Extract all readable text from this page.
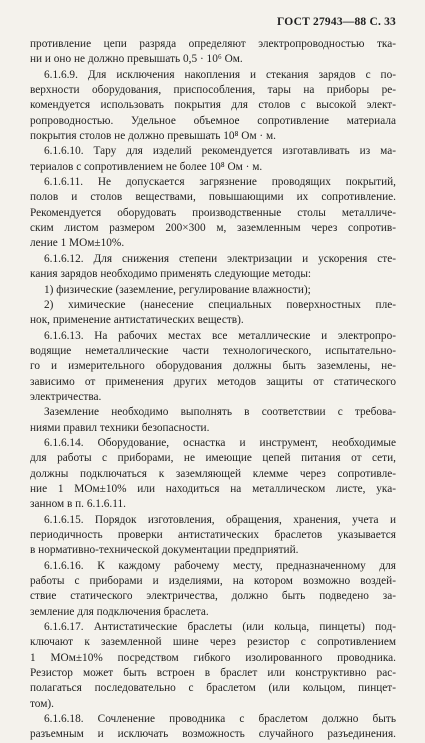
ГОСТ 27943—88 С. 33
противление цепи разряда определяют электропроводностью тка-
ни и оно не должно превышать 0,5 · 10⁶ Ом.
6.1.6.9. Для исключения накопления и стекания зарядов с по-
верхности оборудования, приспособления, тары на приборы ре-
комендуется использовать покрытия для столов с высокой элект-
ропроводностью. Удельное объемное сопротивление материала
покрытия столов не должно превышать 10⁸ Ом · м.
6.1.6.10. Тару для изделий рекомендуется изготавливать из ма-
териалов с сопротивлением не более 10⁸ Ом · м.
6.1.6.11. Не допускается загрязнение проводящих покрытий,
полов и столов веществами, повышающими их сопротивление.
Рекомендуется оборудовать производственные столы металличе-
ским листом размером 200×300 м, заземленным через сопротив-
ление 1 МОм±10%.
6.1.6.12. Для снижения степени электризации и ускорения сте-
кания зарядов необходимо применять следующие методы:
1) физические (заземление, регулирование влажности);
2) химические (нанесение специальных поверхностных пле-
нок, применение антистатических веществ).
6.1.6.13. На рабочих местах все металлические и электропро-
водящие неметаллические части технологического, испытательно-
го и измерительного оборудования должны быть заземлены, не-
зависимо от применения других методов защиты от статического
электричества.
Заземление необходимо выполнять в соответствии с требова-
ниями правил техники безопасности.
6.1.6.14. Оборудование, оснастка и инструмент, необходимые
для работы с приборами, не имеющие цепей питания от сети,
должны подключаться к заземляющей клемме через сопротивле-
ние 1 МОм±10% или находиться на металлическом листе, ука-
занном в п. 6.1.6.11.
6.1.6.15. Порядок изготовления, обращения, хранения, учета и
периодичность проверки антистатических браслетов указывается
в нормативно-технической документации предприятий.
6.1.6.16. К каждому рабочему месту, предназначенному для
работы с приборами и изделиями, на котором возможно воздей-
ствие статического электричества, должно быть подведено за-
земление для подключения браслета.
6.1.6.17. Антистатические браслеты (или кольца, пинцеты) под-
ключают к заземленной шине через резистор с сопротивлением
1 МОм±10% посредством гибкого изолированного проводника.
Резистор может быть встроен в браслет или конструктивно рас-
полагаться последовательно с браслетом (или кольцом, пинцет-
том).
6.1.6.18. Сочленение проводника с браслетом должно быть
разъемным и исключать возможность случайного разъединения.
